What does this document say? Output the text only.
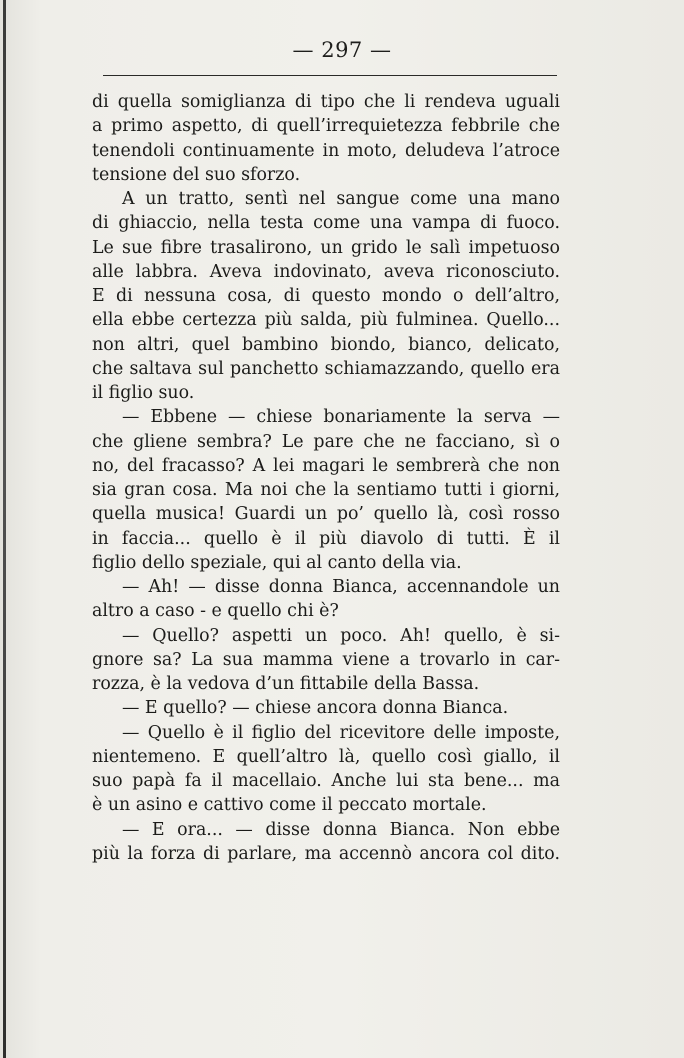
— 297 —
di quella somiglianza di tipo che li rendeva uguali
a primo aspetto, di quell’irrequietezza febbrile che
tenendoli continuamente in moto, deludeva l’atroce
tensione del suo sforzo.
A un tratto, sentì nel sangue come una mano
di ghiaccio, nella testa come una vampa di fuoco.
Le sue fibre trasalirono, un grido le salì impetuoso
alle labbra. Aveva indovinato, aveva riconosciuto.
E di nessuna cosa, di questo mondo o dell’altro,
ella ebbe certezza più salda, più fulminea. Quello...
non altri, quel bambino biondo, bianco, delicato,
che saltava sul panchetto schiamazzando, quello era
il figlio suo.
— Ebbene — chiese bonariamente la serva —
che gliene sembra? Le pare che ne facciano, sì o
no, del fracasso? A lei magari le sembrerà che non
sia gran cosa. Ma noi che la sentiamo tutti i giorni,
quella musica! Guardi un po’ quello là, così rosso
in faccia... quello è il più diavolo di tutti. È il
figlio dello speziale, qui al canto della via.
— Ah! — disse donna Bianca, accennandole un
altro a caso - e quello chi è?
— Quello? aspetti un poco. Ah! quello, è si-
gnore sa? La sua mamma viene a trovarlo in car-
rozza, è la vedova d’un fittabile della Bassa.
— E quello? — chiese ancora donna Bianca.
— Quello è il figlio del ricevitore delle imposte,
nientemeno. E quell’altro là, quello così giallo, il
suo papà fa il macellaio. Anche lui sta bene... ma
è un asino e cattivo come il peccato mortale.
— E ora... — disse donna Bianca. Non ebbe
più la forza di parlare, ma accennò ancora col dito.
